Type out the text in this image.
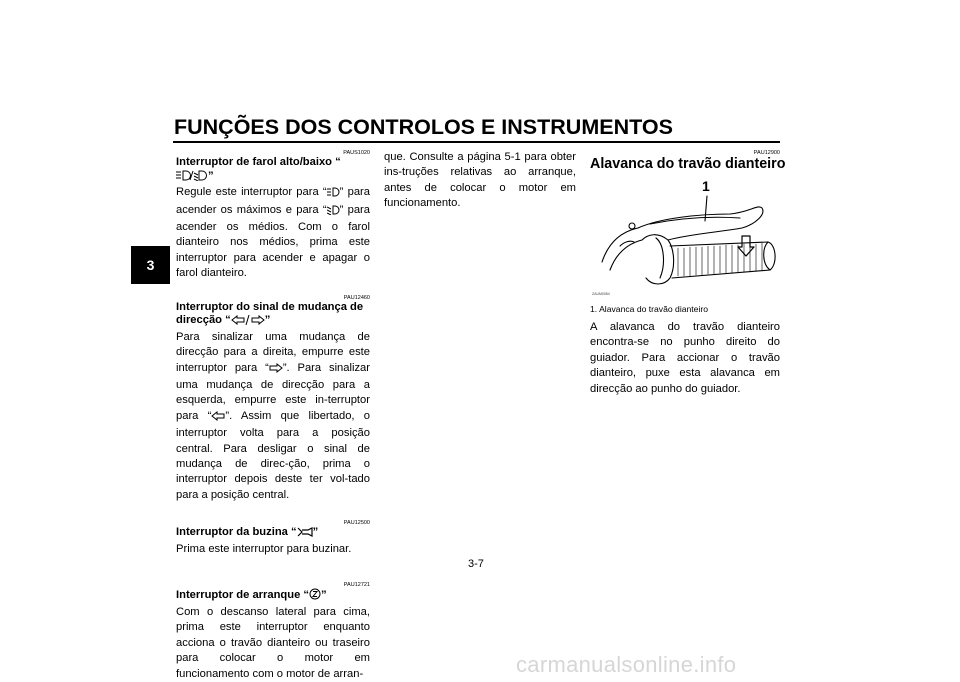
FUNÇÕES DOS CONTROLOS E INSTRUMENTOS
3
PAUS1020
Interruptor de farol alto/baixo “”

Regule este interruptor para “ ” para acender os máximos e para “ ” para acender os médios. Com o farol dianteiro nos médios, prima este interruptor para acender e apagar o farol dianteiro.

PAU12460
Interruptor do sinal de mudança de
direcção “	”

Para sinalizar uma mudança de direcção para a direita, empurre este interruptor para “ ”. Para sinalizar uma mudança de direcção para a esquerda, empurre este in-terruptor para “ ”. Assim que libertado, o interruptor volta para a posição central. Para desligar o sinal de mudança de direc-ção, prima o interruptor depois deste ter vol-tado para a posição central.

PAU12500
Interruptor da buzina “ ”
Prima este interruptor para buzinar.
PAU12721
Interruptor de arranque “ ”
Com o descanso lateral para cima, prima este interruptor enquanto acciona o travão dianteiro ou traseiro para colocar o motor em funcionamento com o motor de arran-
que. Consulte a página 5-1 para obter ins-truções relativas ao arranque, antes de colocar o motor em funcionamento.
PAU12900
Alavanca do travão dianteiro
1
ZAUM0084
1. Alavanca do travão dianteiro
A alavanca do travão dianteiro encontra-se no punho direito do guiador. Para accionar o travão dianteiro, puxe esta alavanca em direcção ao punho do guiador.
3-7
carmanualsonline.info
